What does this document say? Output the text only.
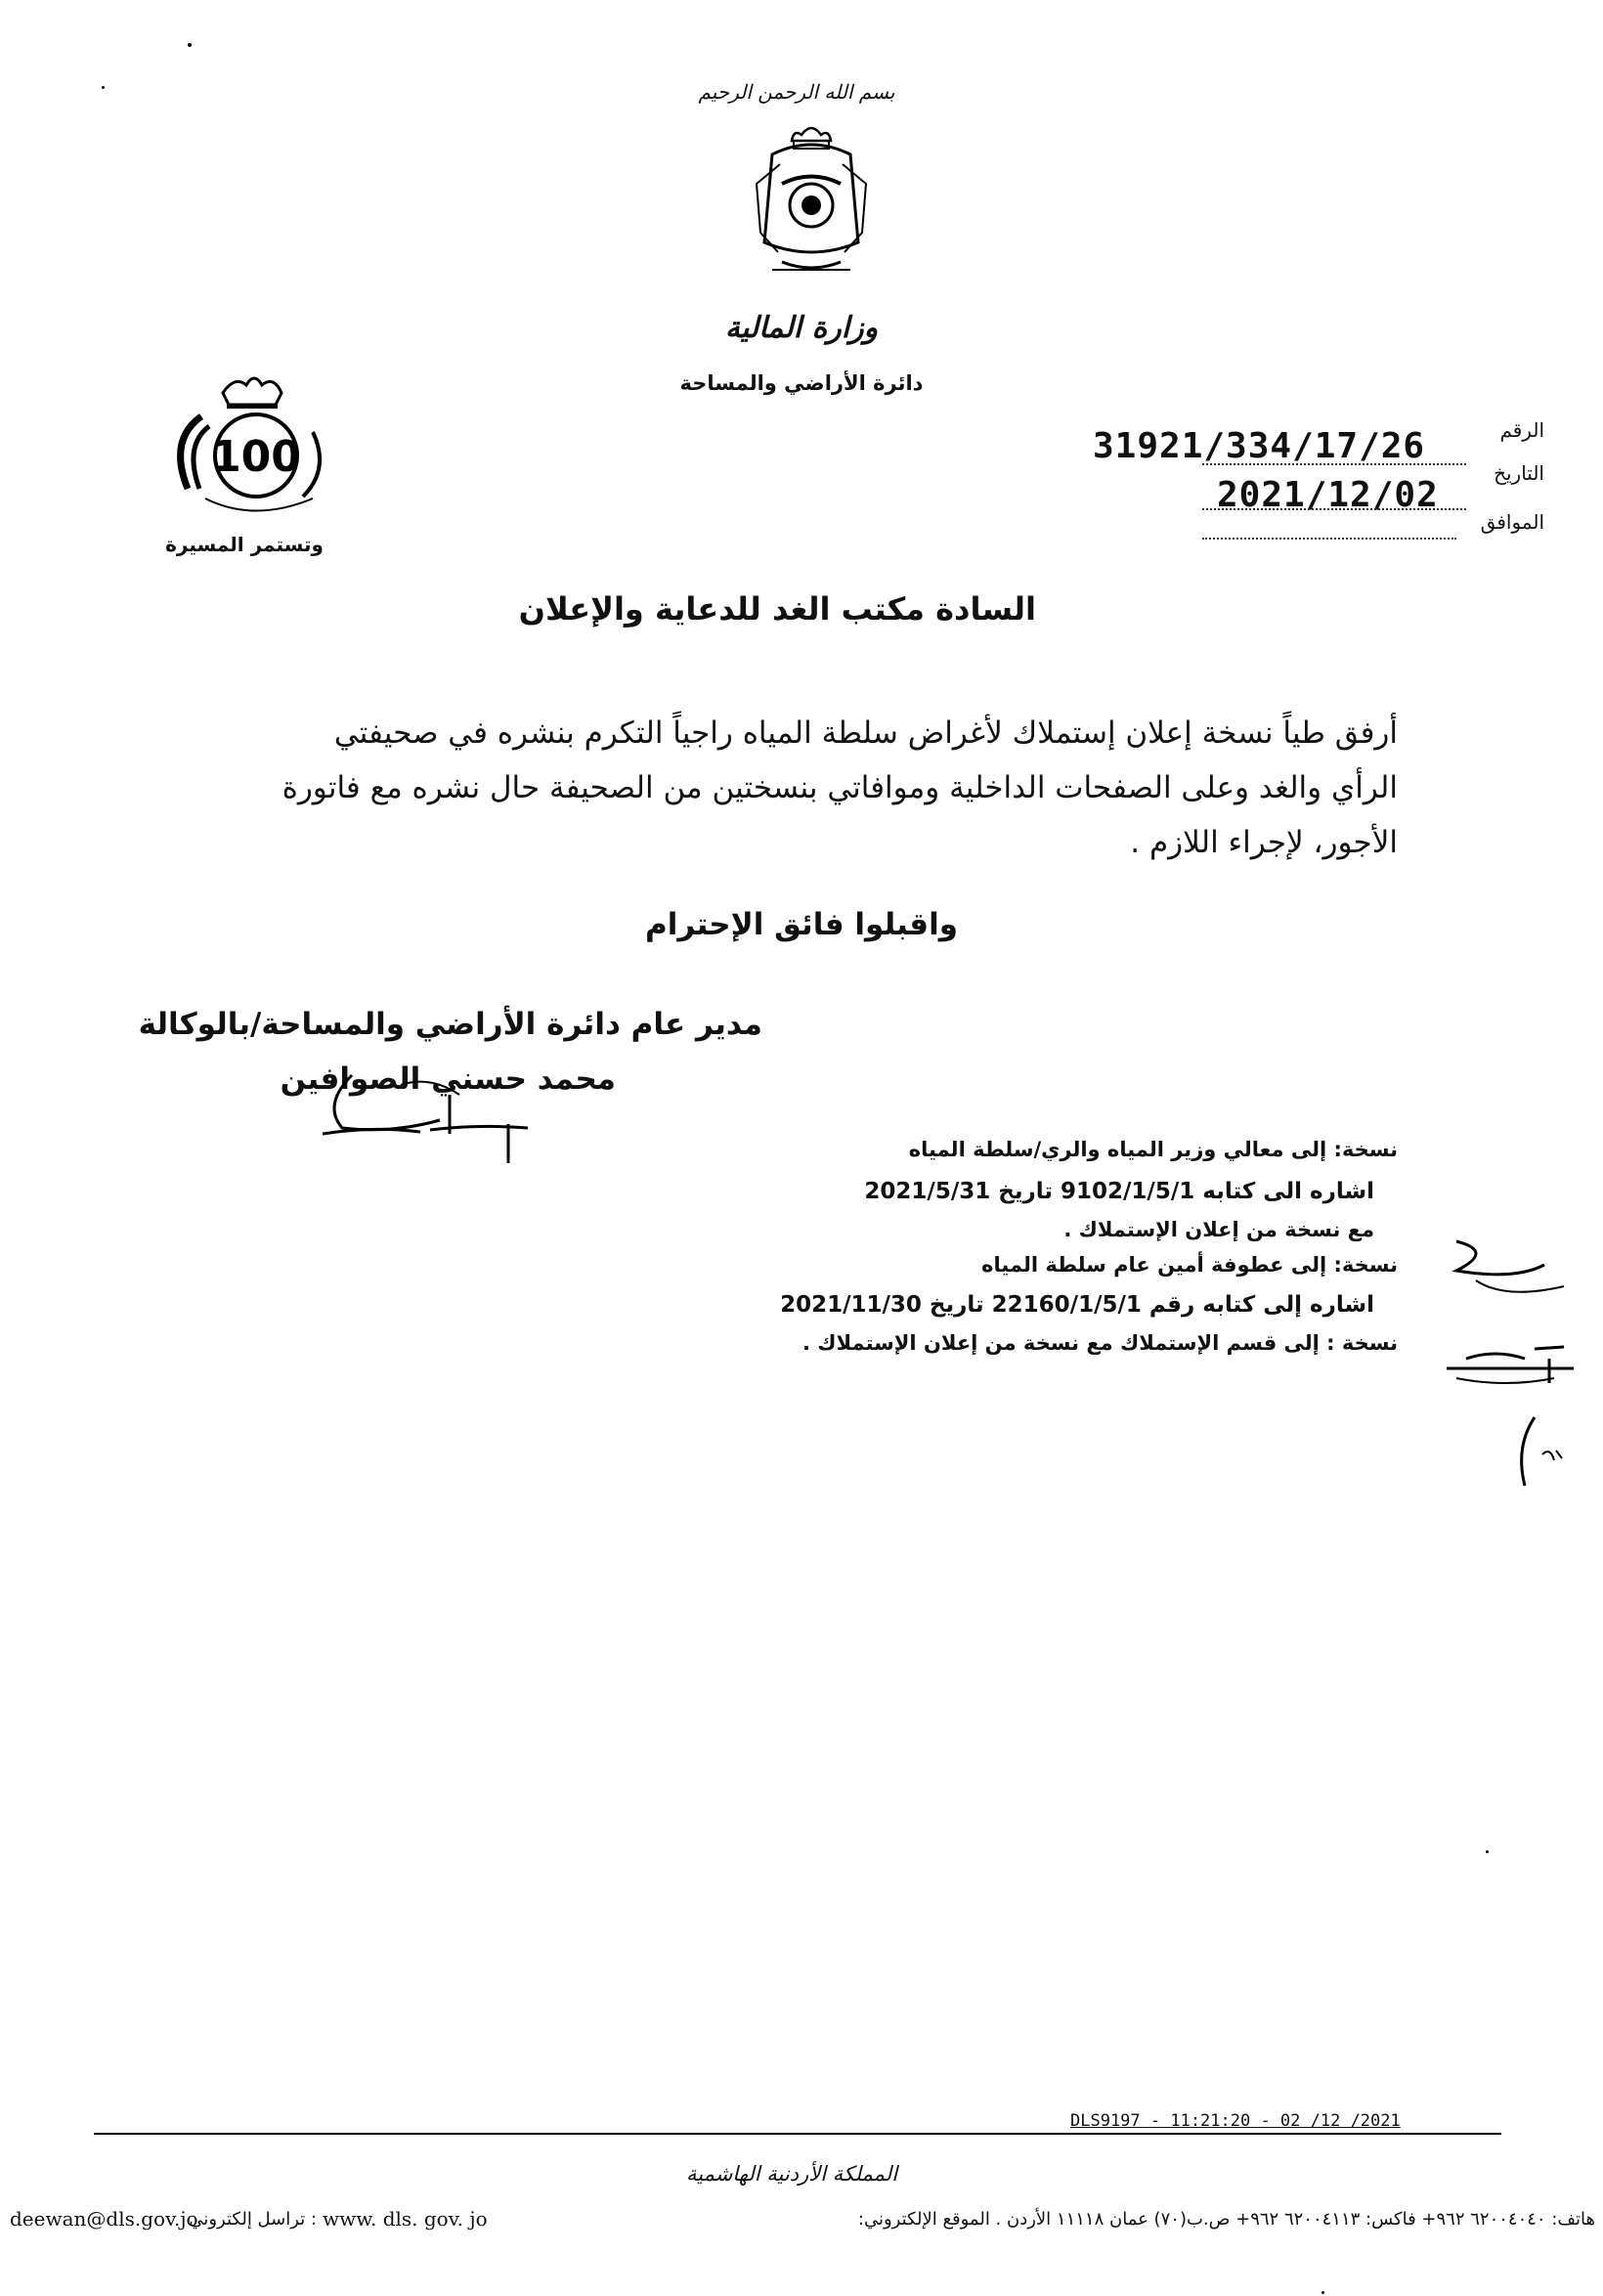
بسم الله الرحمن الرحيم
وزارة المالية
دائرة الأراضي والمساحة
100
وتستمر المسيرة
الرقم
31921/334/17/26
التاريخ
2021/12/02
الموافق
السادة مكتب الغد للدعاية والإعلان
أرفق طياً نسخة إعلان إستملاك لأغراض سلطة المياه راجياً التكرم بنشره في صحيفتي
الرأي والغد وعلى الصفحات الداخلية وموافاتي بنسختين من الصحيفة حال نشره مع فاتورة
الأجور، لإجراء اللازم .
واقبلوا فائق الإحترام
مدير عام دائرة الأراضي والمساحة/بالوكالة
محمد حسني الصوافين
نسخة: إلى معالي وزير المياه والري/سلطة المياه
اشاره الى كتابه 9102/1/5/1 تاريخ 2021/5/31
مع نسخة من إعلان الإستملاك .
نسخة: إلى عطوفة أمين عام سلطة المياه
اشاره إلى كتابه رقم 22160/1/5/1 تاريخ 2021/11/30
نسخة : إلى قسم الإستملاك مع نسخة من إعلان الإستملاك .
DLS9197 - 11:21:20 - 02 /12 /2021
المملكة الأردنية الهاشمية
deewan@dls.gov.jo
: تراسل إلكتروني www. dls. gov. jo	هاتف: ٦٢٠٠٤٠٤٠ ٩٦٢+ فاكس: ٦٢٠٠٤١١٣ ٩٦٢+ ص.ب(٧٠) عمان ١١١١٨ الأردن . الموقع الإلكتروني:
